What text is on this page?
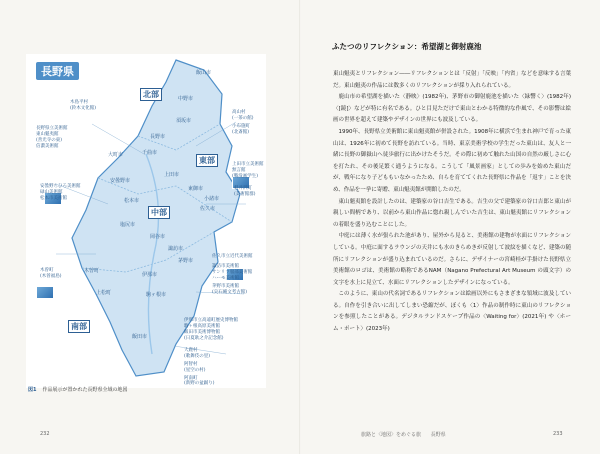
長野県
北部
東部
中部
南部
飯山市
中野市
須坂市
長野市
千曲市
上田市
東御市
小諸市
佐久市
大町市
安曇野市
松本市
塩尻市
岡谷市
諏訪市
茅野市
伊那市
駒ヶ根市
飯田市
木曽町
上松町
木島平村
(鈴木文化館)
高山村
(一茶の館)
小布施町
(北斎館)
長野県立美術館
東山魁夷館
(善光寺の東)
信濃美術館
上田市立美術館
無言館
(戦没画学生)
軽井沢町
(美術館群)
佐久市立近代美術館
安曇野ちひろ美術館
碌山美術館
松本市美術館
諏訪市美術館
サンリツ服部美術館
ハーモ美術館
茅野市美術館
(尖石縄文考古館)
伊那市立高遠町歴史博物館
駒ヶ根高原美術館
飯田市美術博物館
(日夏耿之介記念館)
木曽町
(木曽福島)
大鹿村
(歌舞伎の里)
阿智村
(星空の村)
阿南町
(新野の盆踊り)
図1 作品展示が置かれた長野県全域の地図
232
ふたつのリフレクション：希望湖と御射鹿池

東山魁夷とリフレクション――リフレクションとは「反射」「反映」「内省」などを意味する言葉だ。東山魁夷の作品には数多くのリフレクションが採り入れられている。

鹿山市の希望湖を描いた〈静映〉(1982年)、茅野市の御射鹿池を描いた〈緑響く〉(1982年)〈[鏡]〉などが特に有名である。ひと目見ただけで東山とわかる特徴的な作風で、その影響は絵画の世界を超えて建築やデザインの世界にも波及している。

1990年、長野県立美術館に東山魁夷館が併設された。1908年に横浜で生まれ神戸で育った東山は、1926年に初めて長野を訪れている。当時、東京美術学校の学生だった東山は、友人と一緒に長野の御嶽山へ徒歩旅行に出かけたそうだ。その際に初めて触れた山国の自然の厳しさに心を打たれ、その後足繁く通うようになる。こうして「風景画家」としての歩みを始めた東山だが、戦年になり子どももいなかったため、自らを育ててくれた長野県に作品を「返す」ことを決め、作品を一挙に寄贈、東山魁夷館が開館したのだ。

東山魁夷館を設計したのは、建築家の谷口吉生である。吉生の父で建築家の谷口吉郎と東山が親しい間柄であり、以前から東山作品に惚れ親しんでいた吉生は、東山魁夷館にリフレクションの着眼を盛り込むことにした。

中庭には薄く水が張られた池があり、屋外から見ると、美術館の建物が水面にリフレクションしている。中庭に面するラウンジの天井にも水のきらめきが反射して波紋を描くなど、建築の随所にリフレクションが盛り込まれているのだ。さらに、デザイナーの宮崎桂が手掛けた長野県立美術館のロゴは、美術館の略称であるNAM（Nagano Prefectural Art Museum の頭文字）の文字を水上に見立て、水面にリフレクションしたデザインになっている。

このように、東山の代名詞であるリフレクションは絵画以外にもさまざまな領域に波及している。自作を引き合いに出してしまい恐縮だが、ぼくも〈1〉作品の制作時に東山のリフレクションを参照したことがある。デジタルランドスケープ作品の〈Waiting for〉(2021年) や〈ホーム・ポート〉(2023年)

旅路と〈地図〉をめぐる旅 長野県	233
